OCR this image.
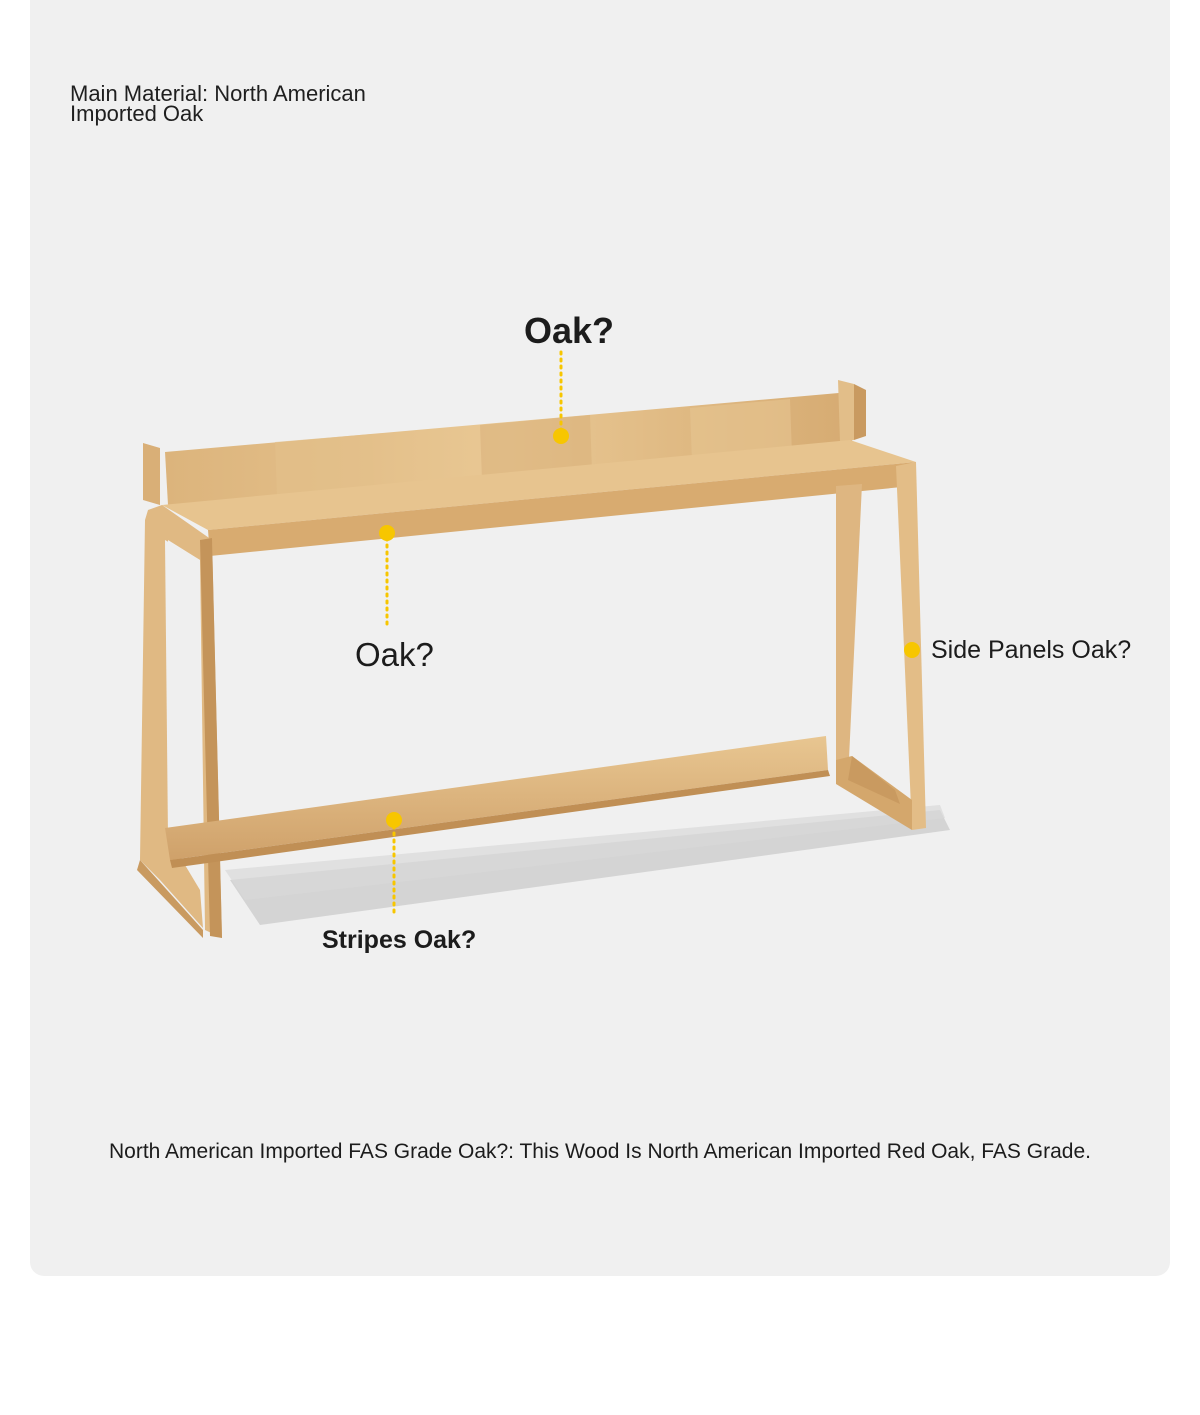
Main Material: North American Imported Oak
Oak?
Oak?	Side Panels Oak?
Stripes Oak?
North American Imported FAS Grade Oak?: This Wood Is North American Imported Red Oak, FAS Grade.
